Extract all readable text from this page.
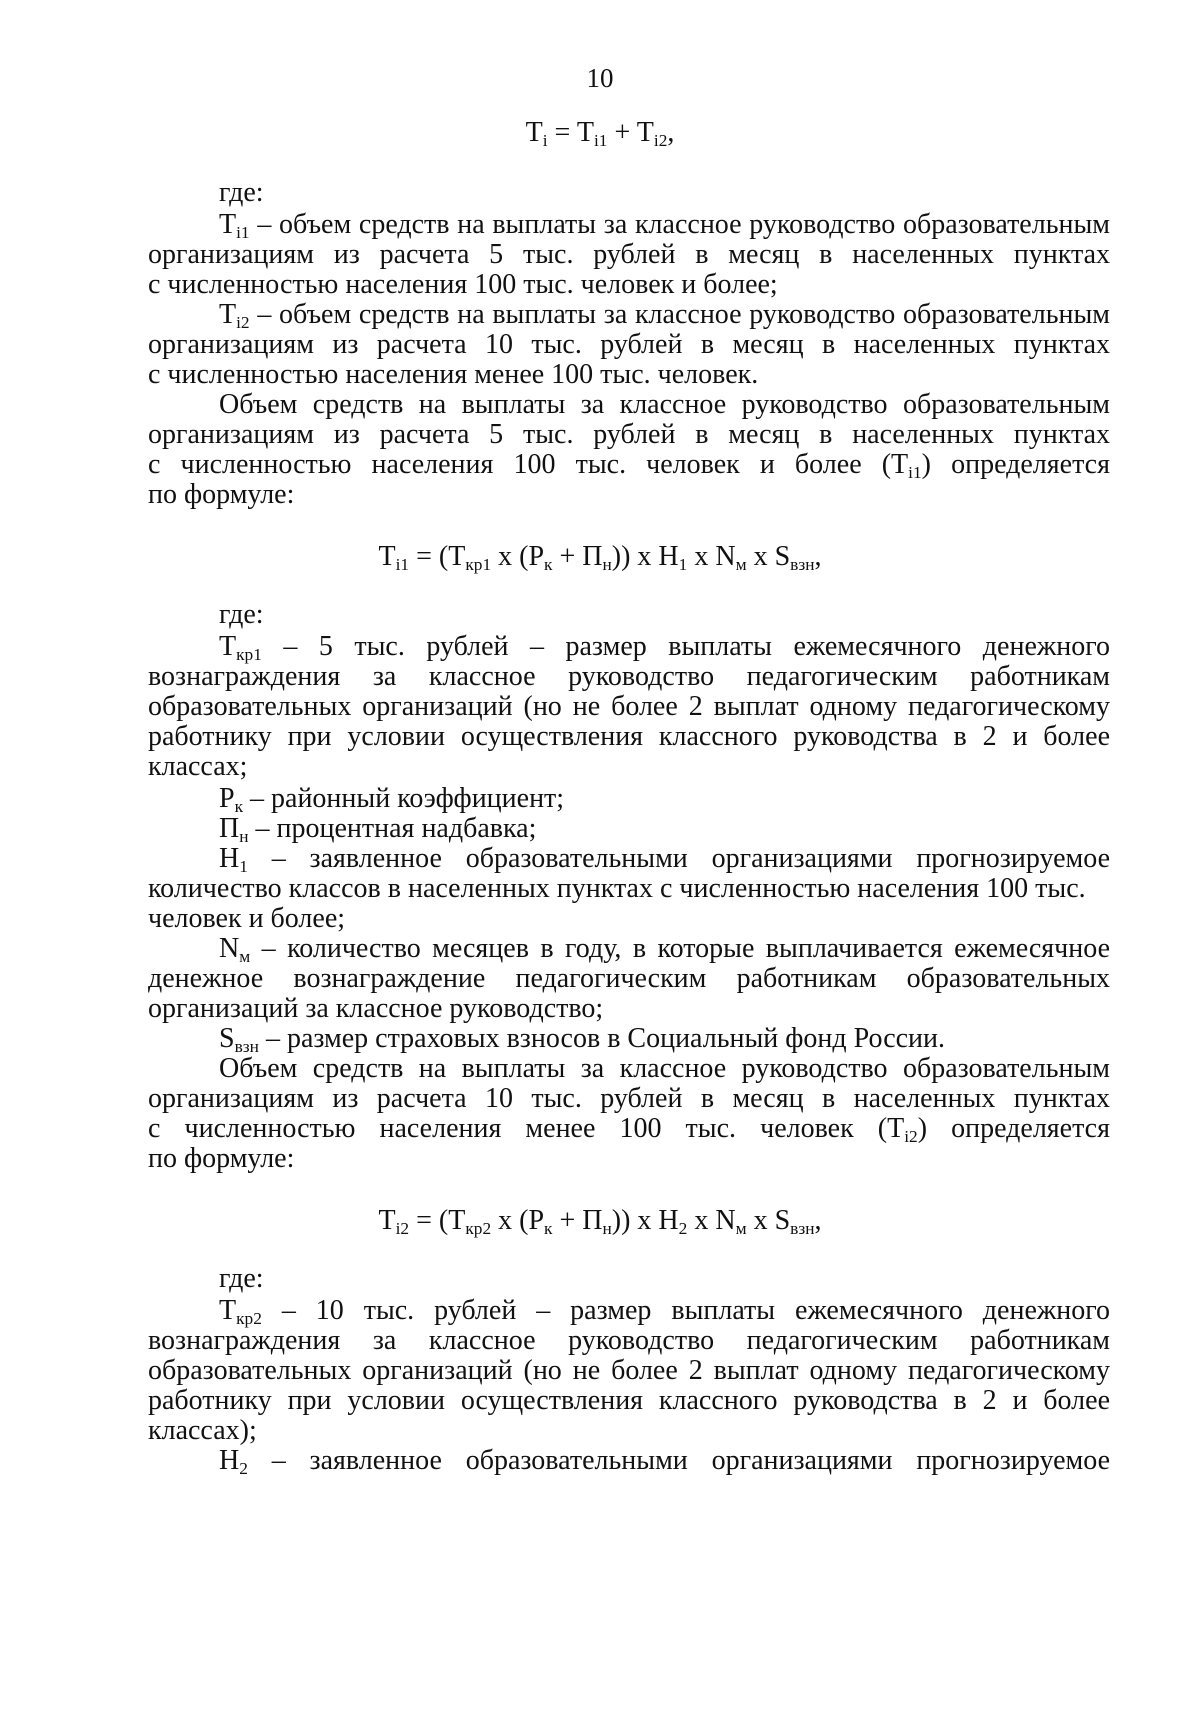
10
$T_i = T_{i1} + T_{i2}$,
где:
$T_{i1}$ – объем средств на выплаты за классное руководство образовательным
организациям из расчета 5 тыс. рублей в месяц в населенных пунктах
с численностью населения 100 тыс. человек и более;
$T_{i2}$ – объем средств на выплаты за классное руководство образовательным
организациям из расчета 10 тыс. рублей в месяц в населенных пунктах
с численностью населения менее 100 тыс. человек.
Объем средств на выплаты за классное руководство образовательным
организациям из расчета 5 тыс. рублей в месяц в населенных пунктах
с численностью населения 100 тыс. человек и более $(T_{i1})$ определяется
по формуле:
$T_{i1} = (T_{кр1}$ х $(Р_к + П_н)$) х $Н_1$ х $N_м$ х $S_{взн}$,
где:
$T_{кр1} - 5$ тыс. рублей – размер выплаты ежемесячного денежного
вознаграждения за классное руководство педагогическим работникам
образовательных организаций (но не более 2 выплат одному педагогическому
работнику при условии осуществления классного руководства в 2 и более
классах;
$Р_к$ – районный коэффициент;
$П_н$ – процентная надбавка;
$Н_1$ – заявленное образовательными организациями прогнозируемое
количество классов в населенных пунктах с численностью населения 100 тыс.
человек и более;
$N_м$ – количество месяцев в году, в которые выплачивается ежемесячное
денежное вознаграждение педагогическим работникам образовательных
организаций за классное руководство;
$S_{взн}$ – размер страховых взносов в Социальный фонд России.
Объем средств на выплаты за классное руководство образовательным
организациям из расчета 10 тыс. рублей в месяц в населенных пунктах
с численностью населения менее 100 тыс. человек $(T_{i2})$ определяется
по формуле:
$T_{i2} = (T_{кр2}$ х $(Р_к + П_н)$) х $Н_2$ х $N_м$ х $S_{взн}$,
где:
$T_{кр2} - 10$ тыс. рублей – размер выплаты ежемесячного денежного
вознаграждения за классное руководство педагогическим работникам
образовательных организаций (но не более 2 выплат одному педагогическому
работнику при условии осуществления классного руководства в 2 и более
классах);
$Н_2$ – заявленное образовательными организациями прогнозируемое
